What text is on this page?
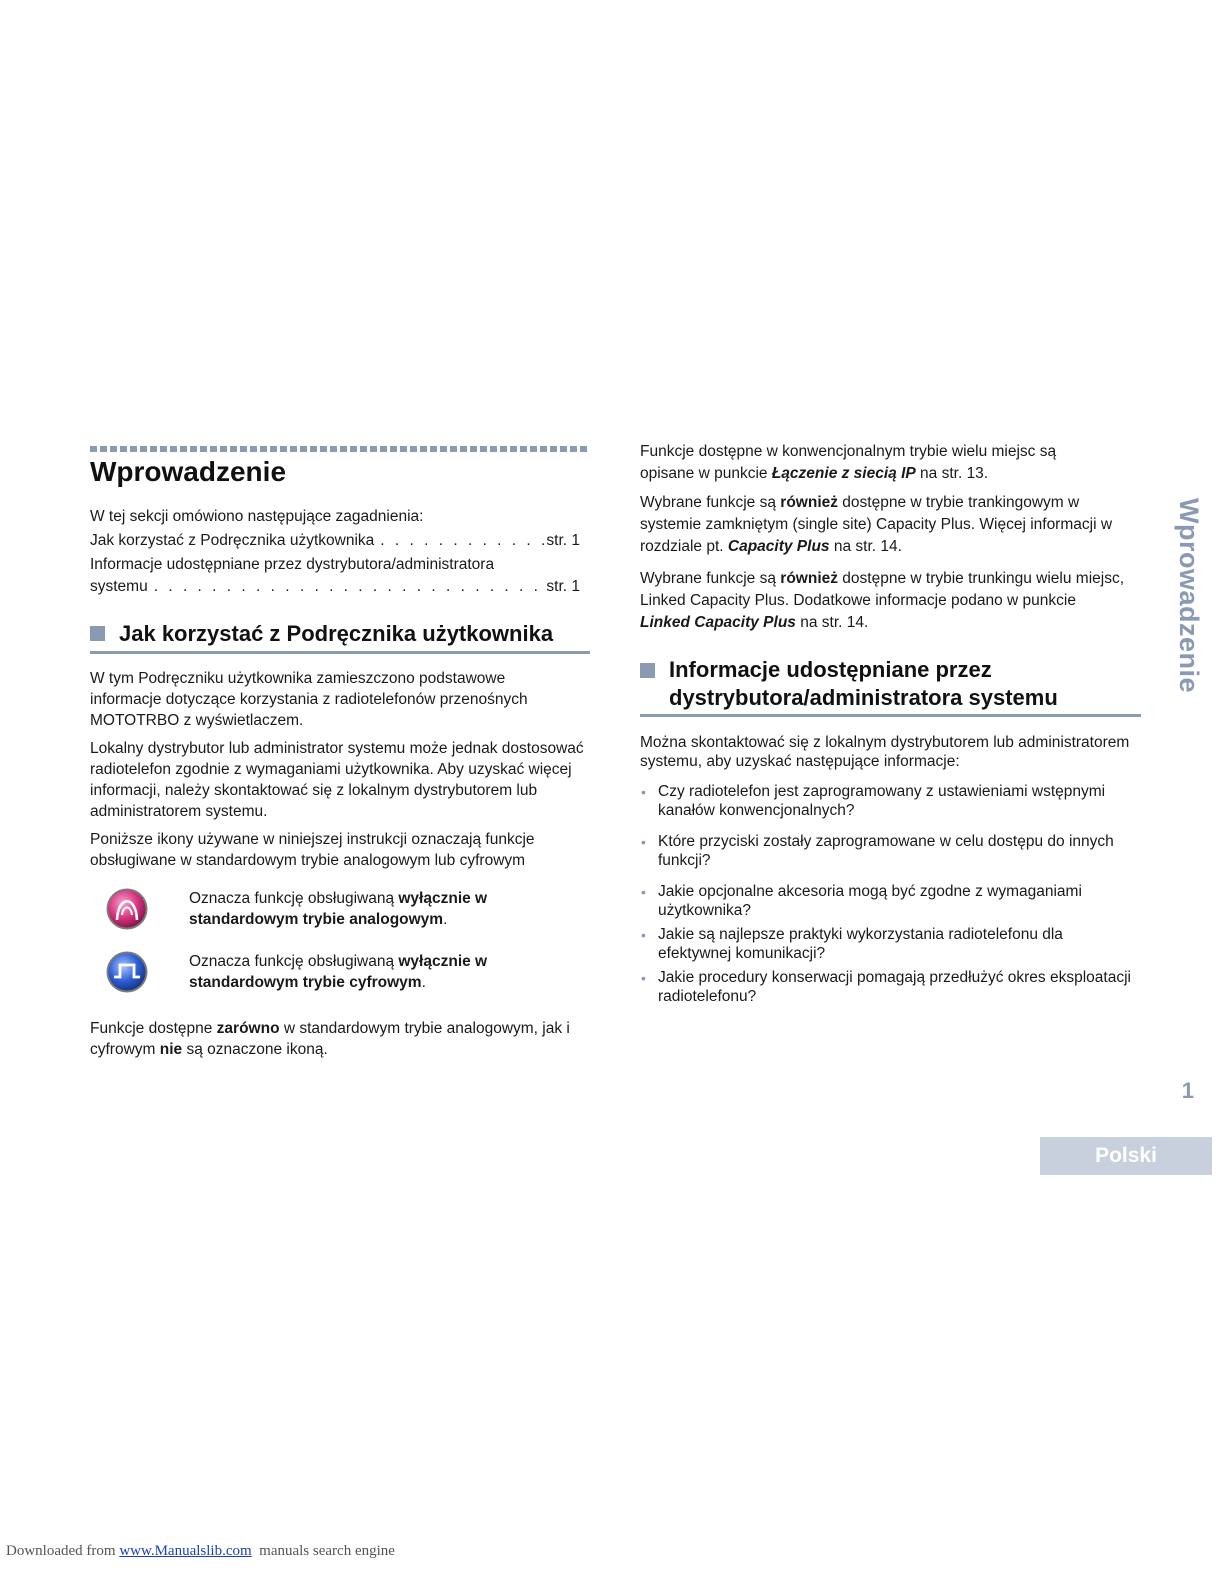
Wprowadzenie
W tej sekcji omówiono następujące zagadnienia:
Jak korzystać z Podręcznika użytkownika . . .	str. 1
Informacje udostępniane przez dystrybutora/administratora
systemu . . .	str. 1
Jak korzystać z Podręcznika użytkownika
W tym Podręczniku użytkownika zamieszczono podstawowe informacje dotyczące korzystania z radiotelefonów przenośnych MOTOTRBO z wyświetlaczem.
Lokalny dystrybutor lub administrator systemu może jednak dostosować radiotelefon zgodnie z wymaganiami użytkownika. Aby uzyskać więcej informacji, należy skontaktować się z lokalnym dystrybutorem lub administratorem systemu.
Poniższe ikony używane w niniejszej instrukcji oznaczają funkcje obsługiwane w standardowym trybie analogowym lub cyfrowym
Oznacza funkcję obsługiwaną wyłącznie w standardowym trybie analogowym.
Oznacza funkcję obsługiwaną wyłącznie w standardowym trybie cyfrowym.
Funkcje dostępne zarówno w standardowym trybie analogowym, jak i cyfrowym nie są oznaczone ikoną.
Funkcje dostępne w konwencjonalnym trybie wielu miejsc są opisane w punkcie Łączenie z siecią IP na str. 13.
Wybrane funkcje są również dostępne w trybie trankingowym w systemie zamkniętym (single site) Capacity Plus. Więcej informacji w rozdziale pt. Capacity Plus na str. 14.
Wybrane funkcje są również dostępne w trybie trunkingu wielu miejsc, Linked Capacity Plus. Dodatkowe informacje podano w punkcie Linked Capacity Plus na str. 14.
Informacje udostępniane przez
dystrybutora/administratora systemu
Można skontaktować się z lokalnym dystrybutorem lub administratorem systemu, aby uzyskać następujące informacje:
• Czy radiotelefon jest zaprogramowany z ustawieniami wstępnymi kanałów konwencjonalnych?
• Które przyciski zostały zaprogramowane w celu dostępu do innych funkcji?
• Jakie opcjonalne akcesoria mogą być zgodne z wymaganiami użytkownika?
• Jakie są najlepsze praktyki wykorzystania radiotelefonu dla efektywnej komunikacji?
• Jakie procedury konserwacji pomagają przedłużyć okres eksploatacji radiotelefonu?
Wprowadzenie
1
Polski
Downloaded from www.Manualslib.com  manuals search engine
